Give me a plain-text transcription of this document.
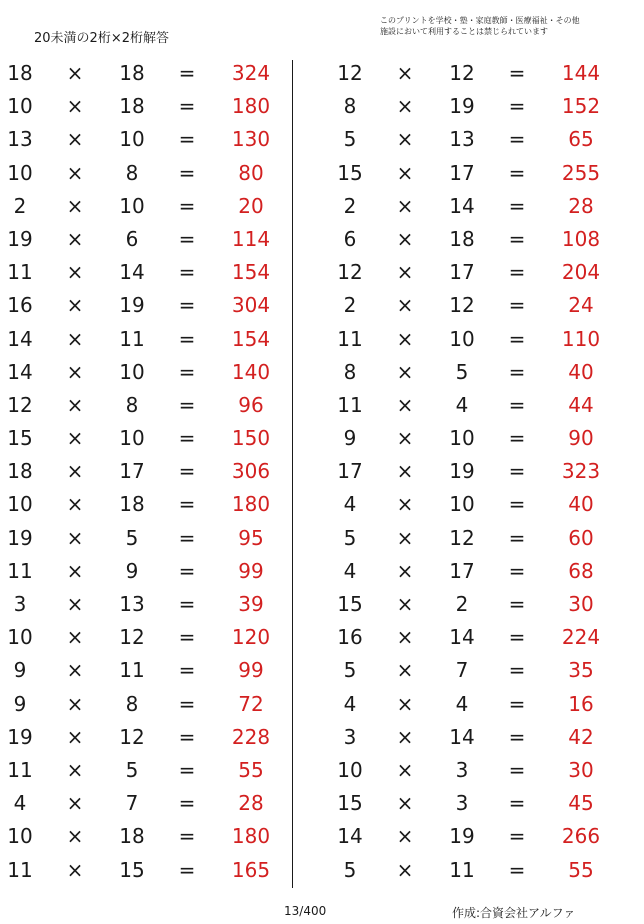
20未満の2桁×2桁解答
このプリントを学校・塾・家庭教師・医療福祉・その他
施設において利用することは禁じられています
18	×	18	=	324
10	×	18	=	180
13	×	10	=	130
10	×	8	=	80
2	×	10	=	20
19	×	6	=	114
11	×	14	=	154
16	×	19	=	304
14	×	11	=	154
14	×	10	=	140
12	×	8	=	96
15	×	10	=	150
18	×	17	=	306
10	×	18	=	180
19	×	5	=	95
11	×	9	=	99
3	×	13	=	39
10	×	12	=	120
9	×	11	=	99
9	×	8	=	72
19	×	12	=	228
11	×	5	=	55
4	×	7	=	28
10	×	18	=	180
11	×	15	=	165
12	×	12	=	144
8	×	19	=	152
5	×	13	=	65
15	×	17	=	255
2	×	14	=	28
6	×	18	=	108
12	×	17	=	204
2	×	12	=	24
11	×	10	=	110
8	×	5	=	40
11	×	4	=	44
9	×	10	=	90
17	×	19	=	323
4	×	10	=	40
5	×	12	=	60
4	×	17	=	68
15	×	2	=	30
16	×	14	=	224
5	×	7	=	35
4	×	4	=	16
3	×	14	=	42
10	×	3	=	30
15	×	3	=	45
14	×	19	=	266
5	×	11	=	55
13/400	作成:合資会社アルファ
